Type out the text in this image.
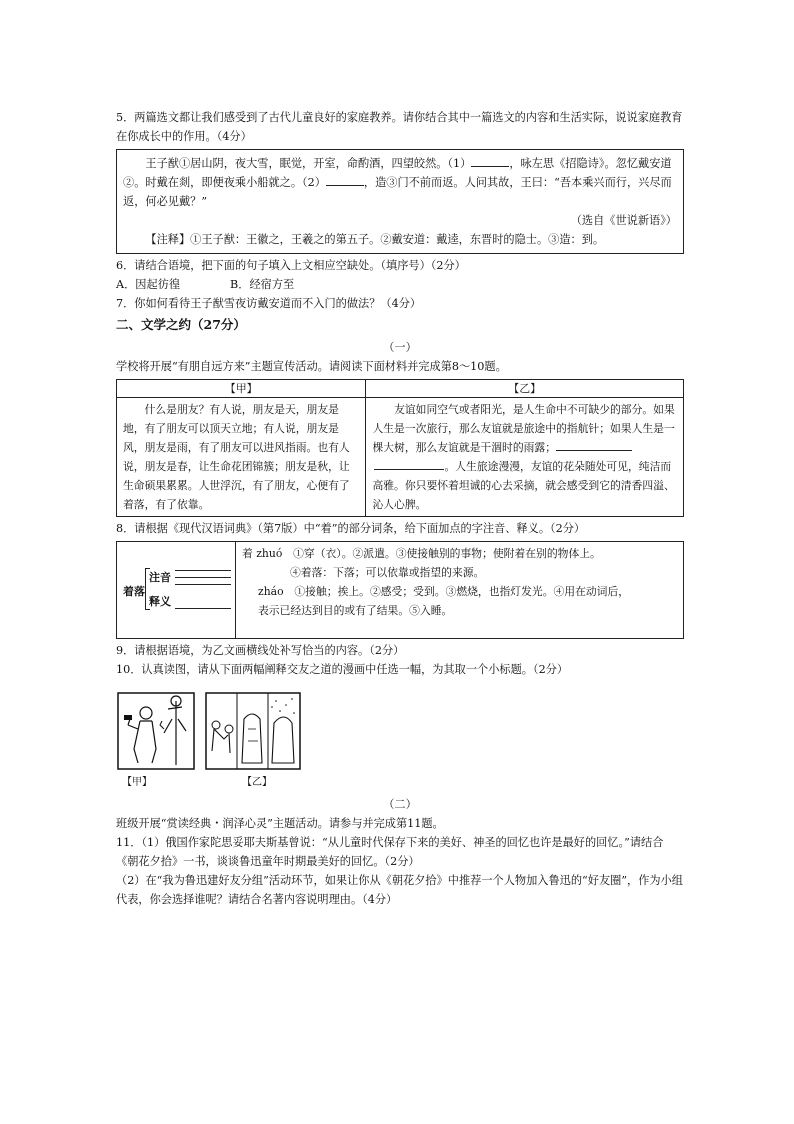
5．两篇选文都让我们感受到了古代儿童良好的家庭教养。请你结合其中一篇选文的内容和生活实际，说说家庭教育在你成长中的作用。（4分）

王子猷①居山阴，夜大雪，眠觉，开室，命酌酒，四望皎然。（1）	，咏左思《招隐诗》。忽忆戴安道②。时戴在剡，即便夜乘小船就之。（2）	，造③门不前而返。人问其故，王曰：“吾本乘兴而行，兴尽而返，何必见戴？”

（选自《世说新语》）

【注释】①王子猷：王徽之，王羲之的第五子。②戴安道：戴逵，东晋时的隐士。③造：到。

6．请结合语境，把下面的句子填入上文相应空缺处。（填序号）（2分）

A．因起彷徨	B．经宿方至

7．你如何看待王子猷雪夜访戴安道而不入门的做法？（4分）

二、文学之约（27分）

（一）

学校将开展“有朋自远方来”主题宣传活动。请阅读下面材料并完成第8～10题。

【甲】	【乙】
什么是朋友？有人说，朋友是天，朋友是地，有了朋友可以顶天立地；有人说，朋友是风，朋友是雨，有了朋友可以进风指雨。也有人说，朋友是春，让生命花团锦簇；朋友是秋，让生命硕果累累。人世浮沉，有了朋友，心便有了着落，有了依靠。	友谊如同空气或者阳光，是人生命中不可缺少的部分。如果人生是一次旅行，那么友谊就是旅途中的指航针；如果人生是一棵大树，那么友谊就是干涸时的雨露；。人生旅途漫漫，友谊的花朵随处可见，纯洁而高雅。你只要怀着坦诚的心去采摘，就会感受到它的清香四溢、沁人心脾。

8．请根据《现代汉语词典》（第7版）中“着”的部分词条，给下面加点的字注音、释义。（2分）

着落
注音
释义

着 zhuó　①穿（衣）。②派遣。③使接触别的事物；使附着在别的物体上。
④着落：下落；可以依靠或指望的来源。
zháo　①接触；挨上。②感受；受到。③燃烧，也指灯发光。④用在动词后，
表示已经达到目的或有了结果。⑤入睡。

9．请根据语境，为乙文画横线处补写恰当的内容。（2分）

10．认真读图，请从下面两幅阐释交友之道的漫画中任选一幅，为其取一个小标题。（2分）

【甲】	【乙】

（二）

班级开展“赏读经典・润泽心灵”主题活动。请参与并完成第11题。

11．（1）俄国作家陀思妥耶夫斯基曾说：“从儿童时代保存下来的美好、神圣的回忆也许是最好的回忆。”请结合《朝花夕拾》一书，谈谈鲁迅童年时期最美好的回忆。（2分）

（2）在“我为鲁迅建好友分组”活动环节，如果让你从《朝花夕拾》中推荐一个人物加入鲁迅的“好友圈”，作为小组代表，你会选择谁呢？请结合名著内容说明理由。（4分）
